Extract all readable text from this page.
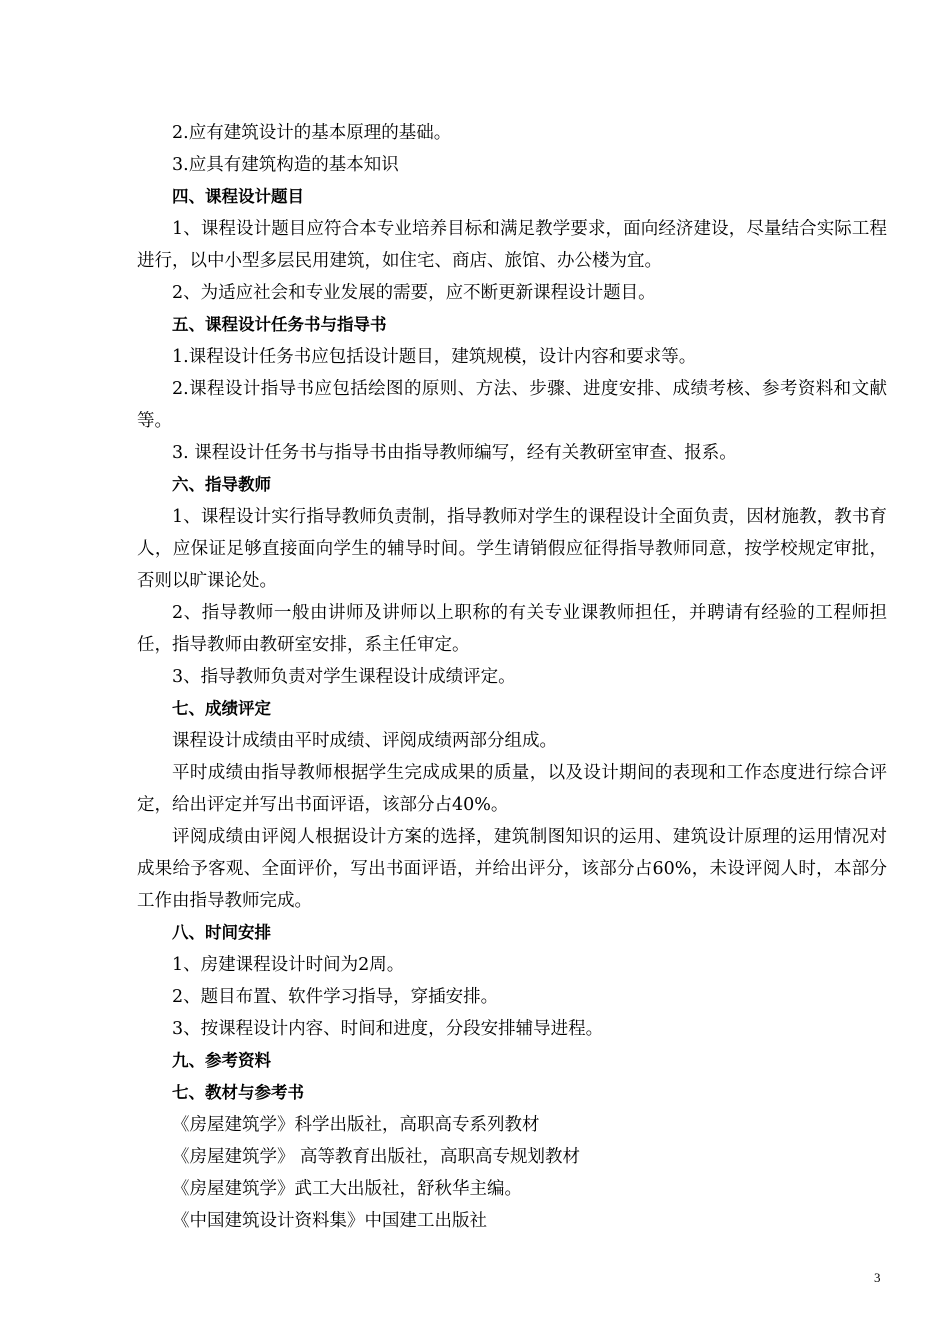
2.应有建筑设计的基本原理的基础。

3.应具有建筑构造的基本知识

四、课程设计题目

1、课程设计题目应符合本专业培养目标和满足教学要求，面向经济建设，尽量结合实际工程进行，以中小型多层民用建筑，如住宅、商店、旅馆、办公楼为宜。

2、为适应社会和专业发展的需要，应不断更新课程设计题目。

五、课程设计任务书与指导书

1.课程设计任务书应包括设计题目，建筑规模，设计内容和要求等。

2.课程设计指导书应包括绘图的原则、方法、步骤、进度安排、成绩考核、参考资料和文献等。

3. 课程设计任务书与指导书由指导教师编写，经有关教研室审查、报系。

六、指导教师

1、课程设计实行指导教师负责制，指导教师对学生的课程设计全面负责，因材施教，教书育人，应保证足够直接面向学生的辅导时间。学生请销假应征得指导教师同意，按学校规定审批，否则以旷课论处。

2、指导教师一般由讲师及讲师以上职称的有关专业课教师担任，并聘请有经验的工程师担任，指导教师由教研室安排，系主任审定。

3、指导教师负责对学生课程设计成绩评定。

七、成绩评定

课程设计成绩由平时成绩、评阅成绩两部分组成。

平时成绩由指导教师根据学生完成成果的质量，以及设计期间的表现和工作态度进行综合评定，给出评定并写出书面评语，该部分占40%。

评阅成绩由评阅人根据设计方案的选择，建筑制图知识的运用、建筑设计原理的运用情况对成果给予客观、全面评价，写出书面评语，并给出评分，该部分占60%，未设评阅人时，本部分工作由指导教师完成。

八、时间安排

1、房建课程设计时间为2周。

2、题目布置、软件学习指导，穿插安排。

3、按课程设计内容、时间和进度，分段安排辅导进程。

九、参考资料

七、教材与参考书

《房屋建筑学》科学出版社，高职高专系列教材

《房屋建筑学》 高等教育出版社，高职高专规划教材

《房屋建筑学》武工大出版社，舒秋华主编。

《中国建筑设计资料集》中国建工出版社

3
